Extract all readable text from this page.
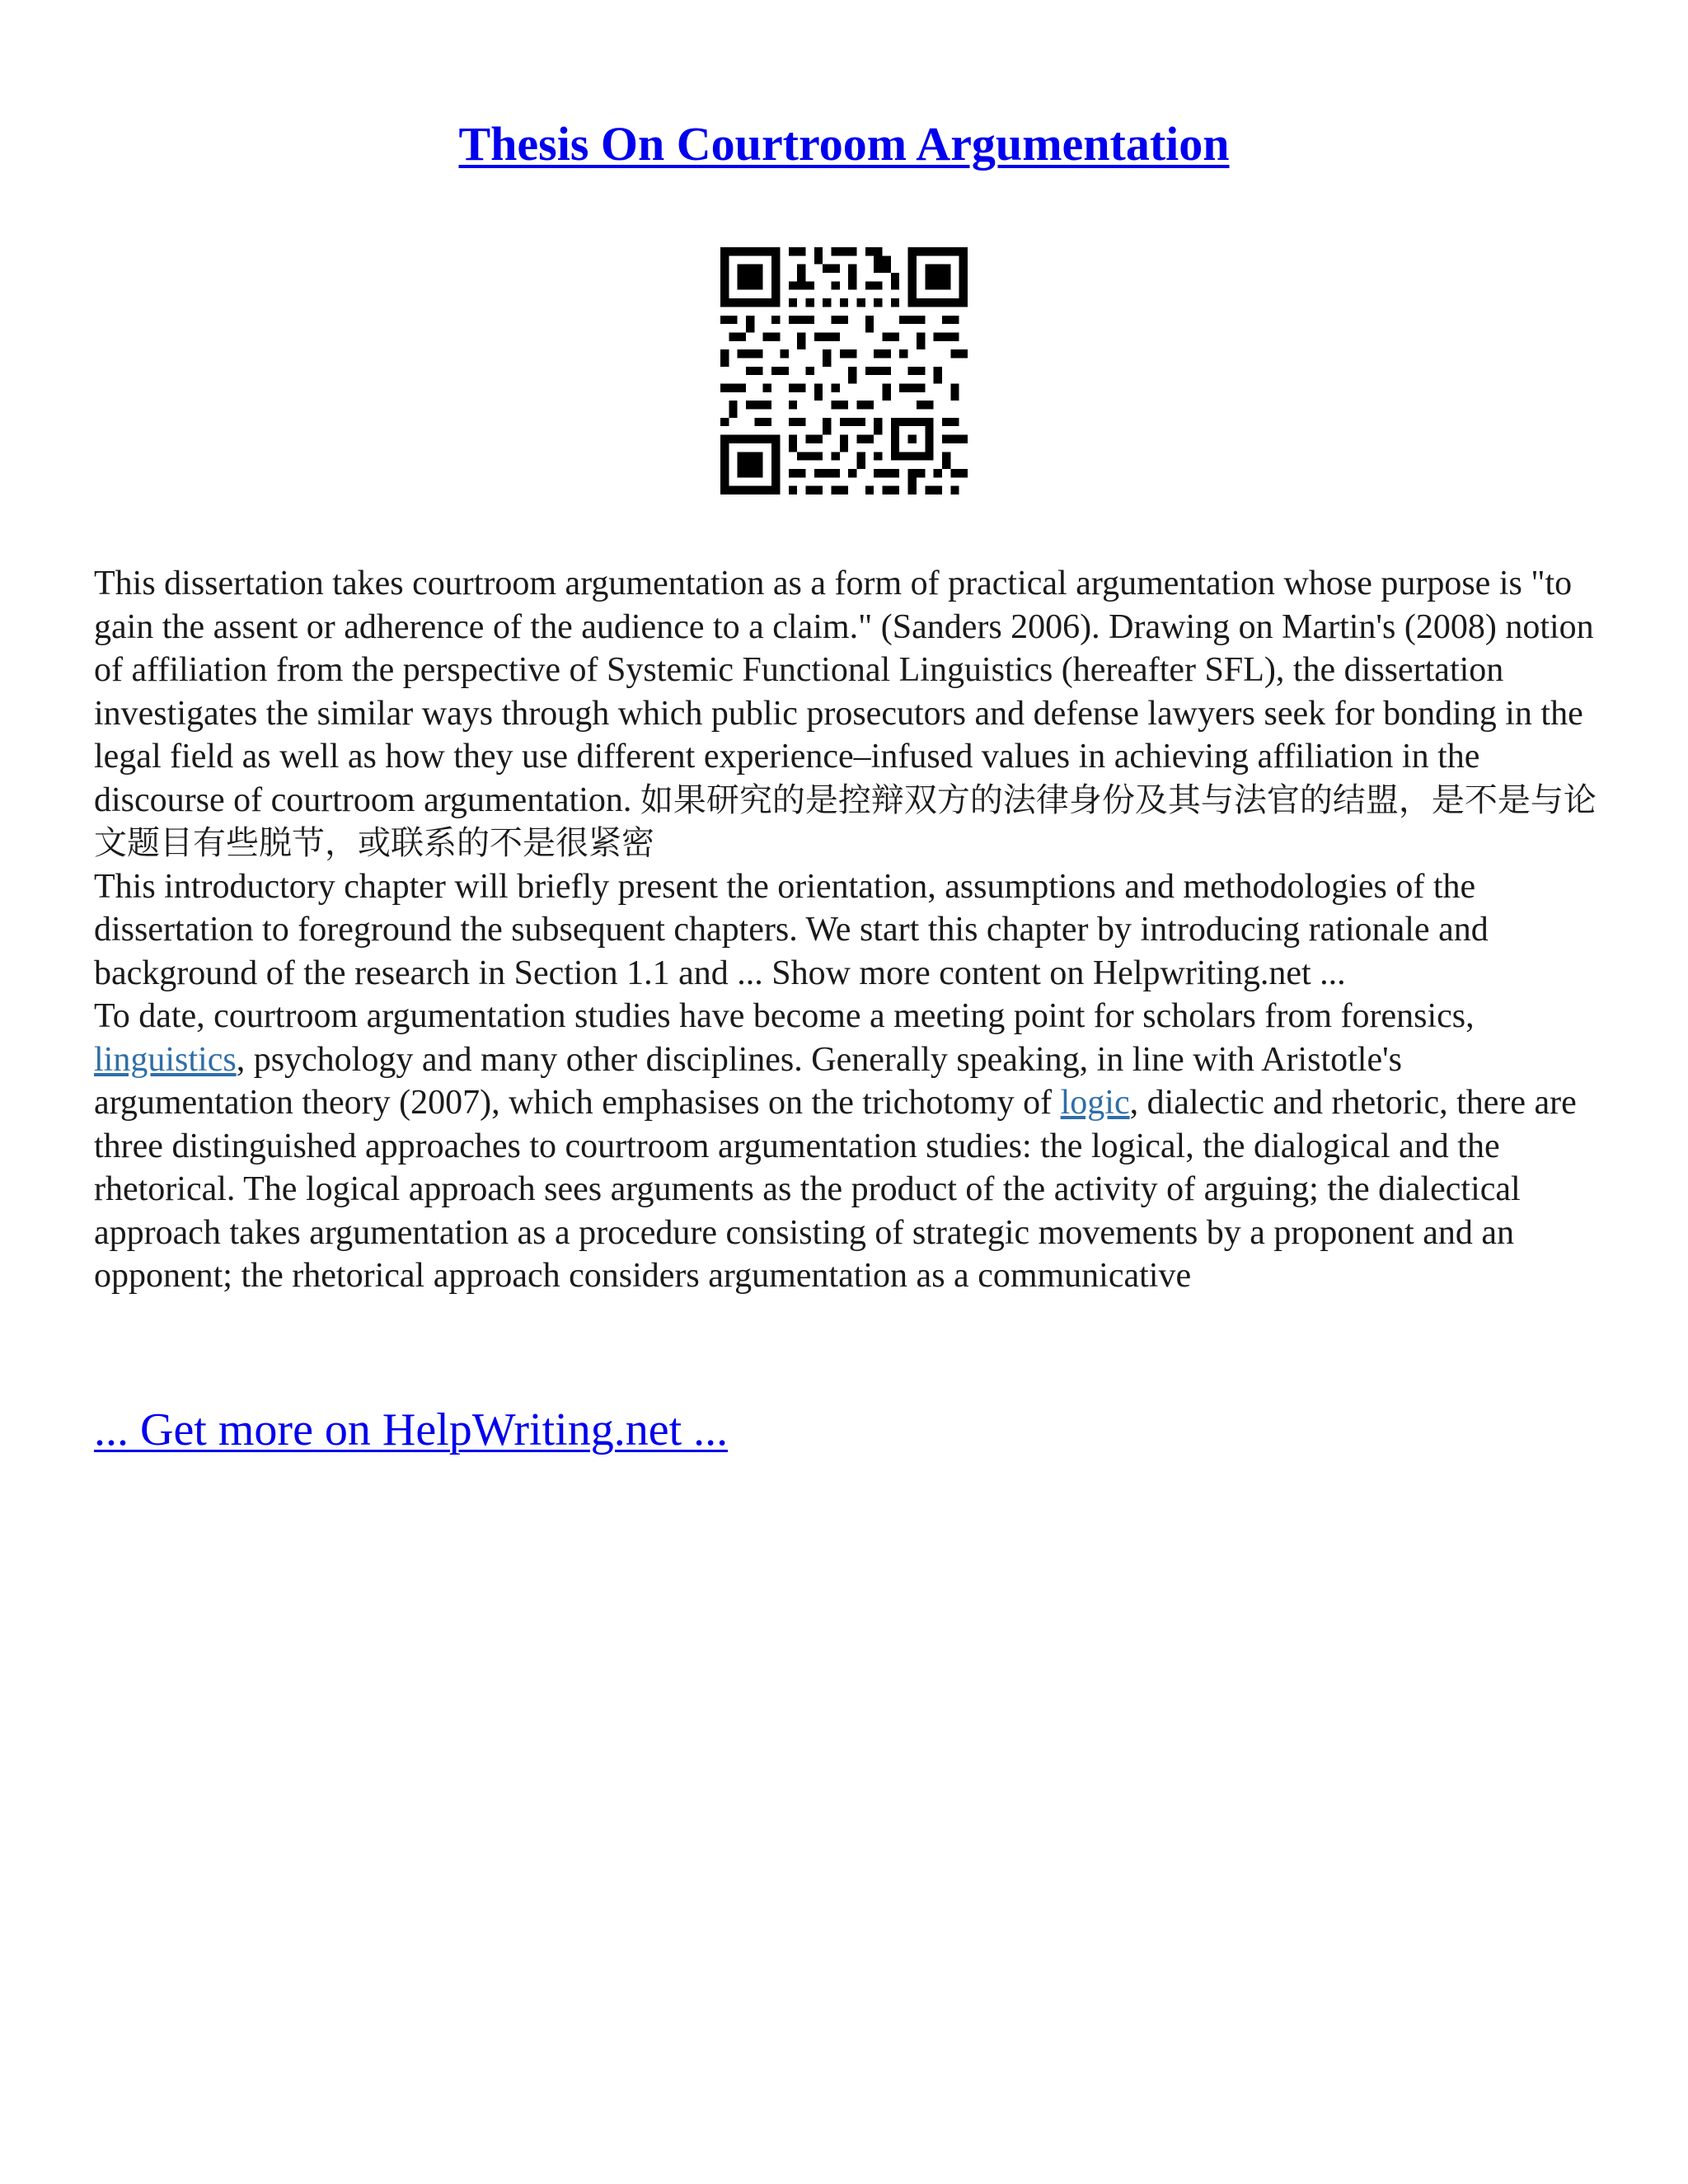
Thesis On Courtroom Argumentation

This dissertation takes courtroom argumentation as a form of practical argumentation whose purpose is "to gain the assent or adherence of the audience to a claim." (Sanders 2006). Drawing on Martin's (2008) notion of affiliation from the perspective of Systemic Functional Linguistics (hereafter SFL), the dissertation investigates the similar ways through which public prosecutors and defense lawyers seek for bonding in the legal field as well as how they use different experience–infused values in achieving affiliation in the discourse of courtroom argumentation. 如果研究的是控辩双方的法律身份及其与法官的结盟，是不是与论文题目有些脱节，或联系的不是很紧密

This introductory chapter will briefly present the orientation, assumptions and methodologies of the dissertation to foreground the subsequent chapters. We start this chapter by introducing rationale and background of the research in Section 1.1 and ... Show more content on Helpwriting.net ...

To date, courtroom argumentation studies have become a meeting point for scholars from forensics, linguistics, psychology and many other disciplines. Generally speaking, in line with Aristotle's argumentation theory (2007), which emphasises on the trichotomy of logic, dialectic and rhetoric, there are three distinguished approaches to courtroom argumentation studies: the logical, the dialogical and the rhetorical. The logical approach sees arguments as the product of the activity of arguing; the dialectical approach takes argumentation as a procedure consisting of strategic movements by a proponent and an opponent; the rhetorical approach considers argumentation as a communicative

... Get more on HelpWriting.net ...
